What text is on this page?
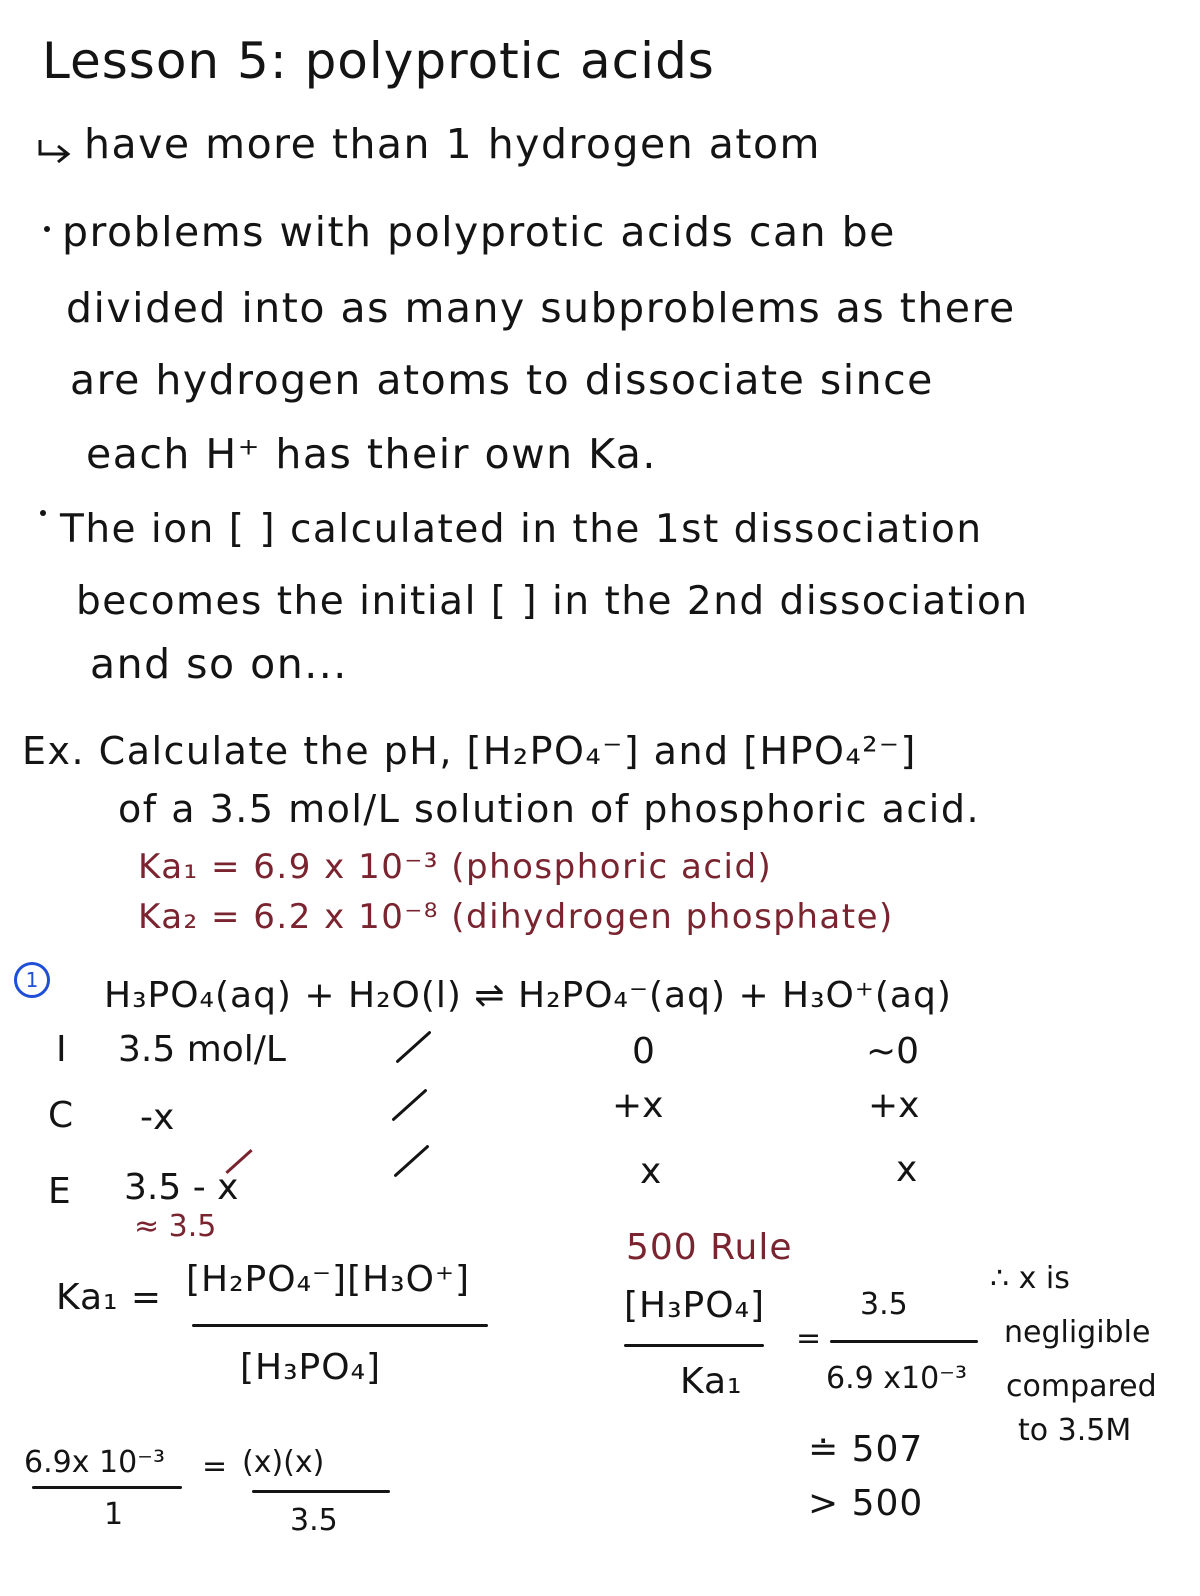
Lesson 5: polyprotic acids
have more than 1 hydrogen atom
problems with polyprotic acids can be
divided into as many subproblems as there
are hydrogen atoms to dissociate since
each H⁺ has their own Ka.
The ion [ ] calculated in the 1st dissociation
becomes the initial [ ] in the 2nd dissociation
and so on...
Ex. Calculate the pH, [H₂PO₄⁻] and [HPO₄²⁻]
of a 3.5 mol/L solution of phosphoric acid.
Ka₁ = 6.9 x 10⁻³ (phosphoric acid)
Ka₂ = 6.2 x 10⁻⁸ (dihydrogen phosphate)
1	H₃PO₄(aq) + H₂O(l) ⇌ H₂PO₄⁻(aq) + H₃O⁺(aq)
I
C
E
3.5 mol/L
-x
3.5 - x
≈ 3.5
0
+x
x
~0
+x
x
Ka₁ = [H₂PO₄⁻][H₃O⁺]
[H₃PO₄]
6.9x 10⁻³
1
= (x)(x)
3.5
500 Rule
[H₃PO₄]
Ka₁
=
3.5
6.9 x10⁻³
≐ 507
> 500
∴ x is
negligible
compared
to 3.5M
